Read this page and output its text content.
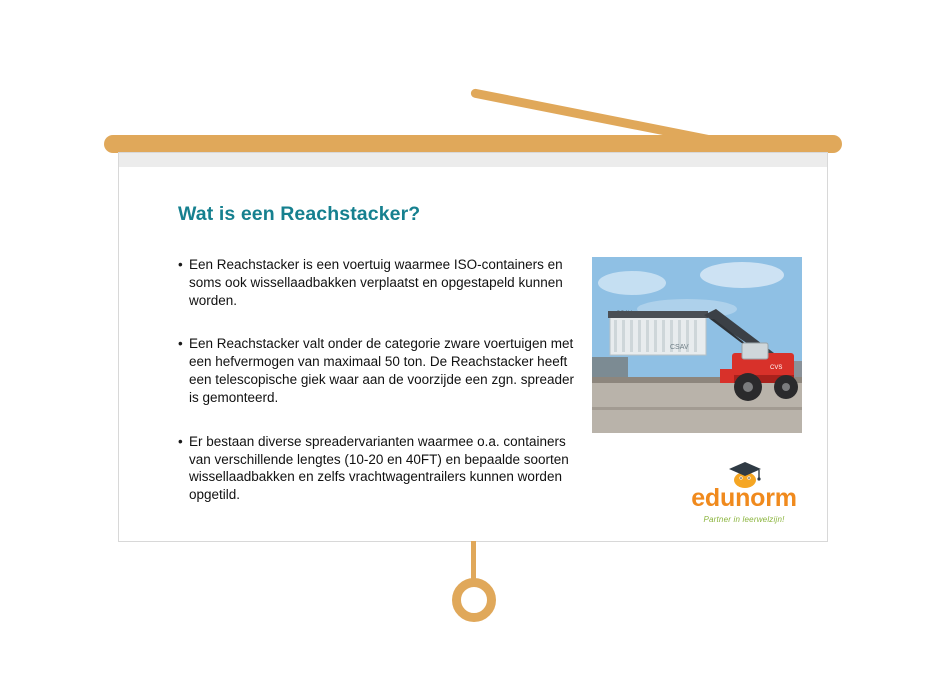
Wat is een Reachstacker?
• Een Reachstacker is een voertuig waarmee ISO-containers en soms ook wissellaadbakken verplaatst en opgestapeld kunnen worden.
• Een Reachstacker valt onder de categorie zware voertuigen met een hefvermogen van maximaal 50 ton. De Reachstacker heeft een telescopische giek waar aan de voorzijde een zgn. spreader is gemonteerd.
• Er bestaan diverse spreadervarianten waarmee o.a. containers van verschillende lengtes (10-20 en 40FT) en bepaalde soorten wissellaadbakken en zelfs vrachtwagentrailers kunnen worden opgetild.
CSAV
CVS
edunorm
Partner in leerwelzijn!
